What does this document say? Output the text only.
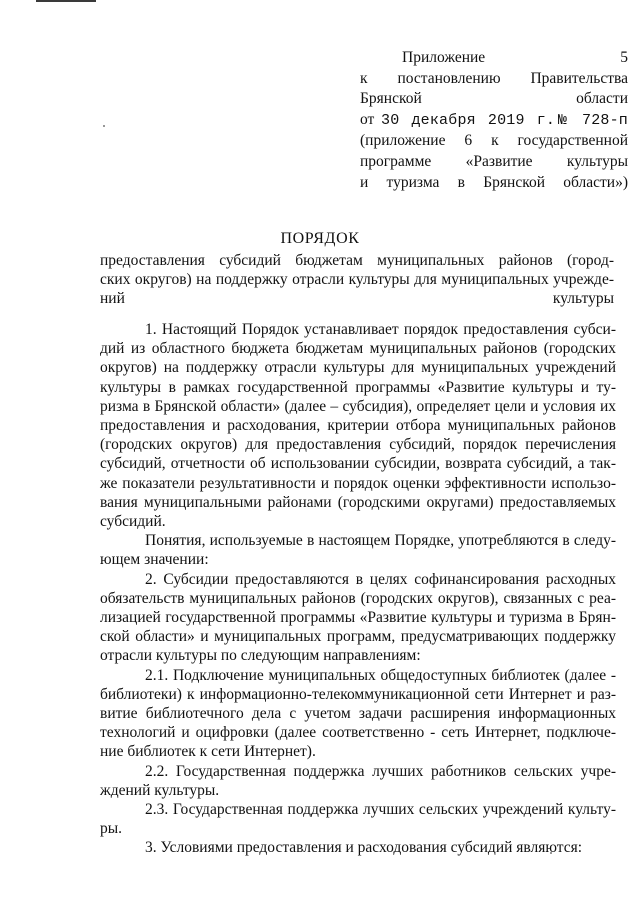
Приложение 5
к постановлению Правительства
Брянской области
от 30 декабря 2019 г.№ 728-п
(приложение 6 к государственной
программе «Развитие культуры
и туризма в Брянской области»)
ПОРЯДОК
предоставления субсидий бюджетам муниципальных районов (город-
ских округов) на поддержку отрасли культуры для муниципальных учрежде-
ний культуры
1. Настоящий Порядок устанавливает порядок предоставления субси-
дий из областного бюджета бюджетам муниципальных районов (городских
округов) на поддержку отрасли культуры для муниципальных учреждений
культуры в рамках государственной программы «Развитие культуры и ту-
ризма в Брянской области» (далее – субсидия), определяет цели и условия их
предоставления и расходования, критерии отбора муниципальных районов
(городских округов) для предоставления субсидий, порядок перечисления
субсидий, отчетности об использовании субсидии, возврата субсидий, а так-
же показатели результативности и порядок оценки эффективности использо-
вания муниципальными районами (городскими округами) предоставляемых
субсидий.
Понятия, используемые в настоящем Порядке, употребляются в следу-
ющем значении:
2. Субсидии предоставляются в целях софинансирования расходных
обязательств муниципальных районов (городских округов), связанных с реа-
лизацией государственной программы «Развитие культуры и туризма в Брян-
ской области» и муниципальных программ, предусматривающих поддержку
отрасли культуры по следующим направлениям:
2.1. Подключение муниципальных общедоступных библиотек (далее -
библиотеки) к информационно-телекоммуникационной сети Интернет и раз-
витие библиотечного дела с учетом задачи расширения информационных
технологий и оцифровки (далее соответственно - сеть Интернет, подключе-
ние библиотек к сети Интернет).
2.2. Государственная поддержка лучших работников сельских учре-
ждений культуры.
2.3. Государственная поддержка лучших сельских учреждений культу-
ры.
3. Условиями предоставления и расходования субсидий являются:
